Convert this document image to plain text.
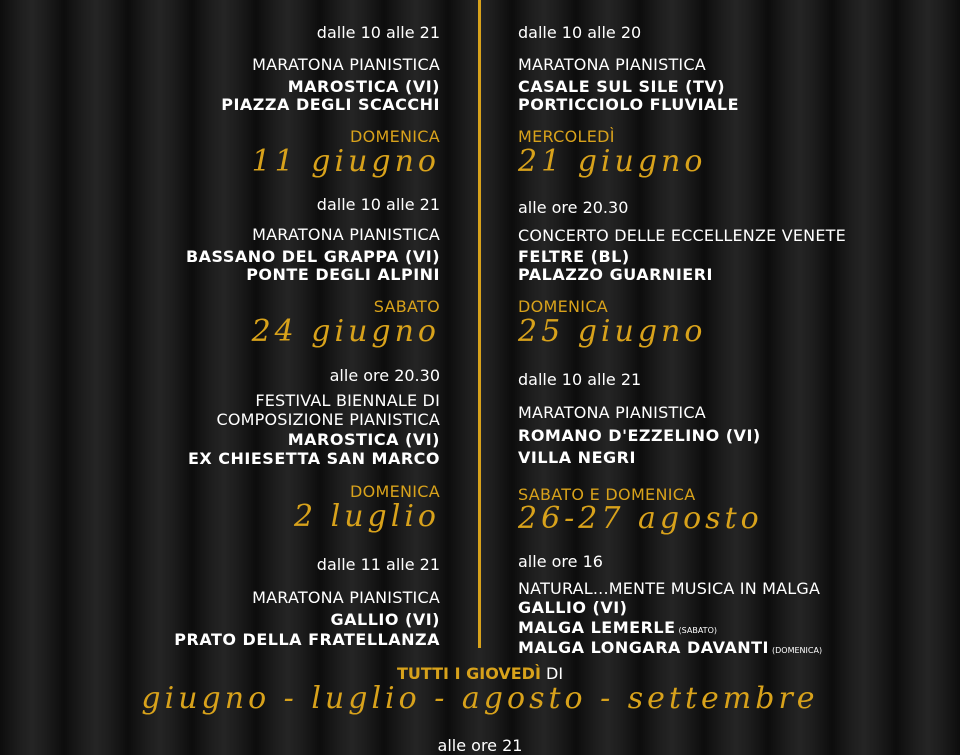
dalle 10 alle 21
MARATONA PIANISTICA
MAROSTICA (VI)
PIAZZA DEGLI SCACCHI
DOMENICA
11 giugno
dalle 10 alle 21
MARATONA PIANISTICA
BASSANO DEL GRAPPA (VI)
PONTE DEGLI ALPINI
SABATO
24 giugno
alle ore 20.30
FESTIVAL BIENNALE DI
COMPOSIZIONE PIANISTICA
MAROSTICA (VI)
EX CHIESETTA SAN MARCO
DOMENICA
2 luglio
dalle 11 alle 21
MARATONA PIANISTICA
GALLIO (VI)
PRATO DELLA FRATELLANZA
dalle 10 alle 20
MARATONA PIANISTICA
CASALE SUL SILE (TV)
PORTICCIOLO FLUVIALE
MERCOLEDÌ
21 giugno
alle ore 20.30
CONCERTO DELLE ECCELLENZE VENETE
FELTRE (BL)
PALAZZO GUARNIERI
DOMENICA
25 giugno
dalle 10 alle 21
MARATONA PIANISTICA
ROMANO D'EZZELINO (VI)
VILLA NEGRI
SABATO E DOMENICA
26-27 agosto
alle ore 16
NATURAL...MENTE MUSICA IN MALGA
GALLIO (VI)
MALGA LEMERLE (SABATO)
MALGA LONGARA DAVANTI (DOMENICA)
TUTTI I GIOVEDÌ DI
giugno - luglio - agosto - settembre
alle ore 21
